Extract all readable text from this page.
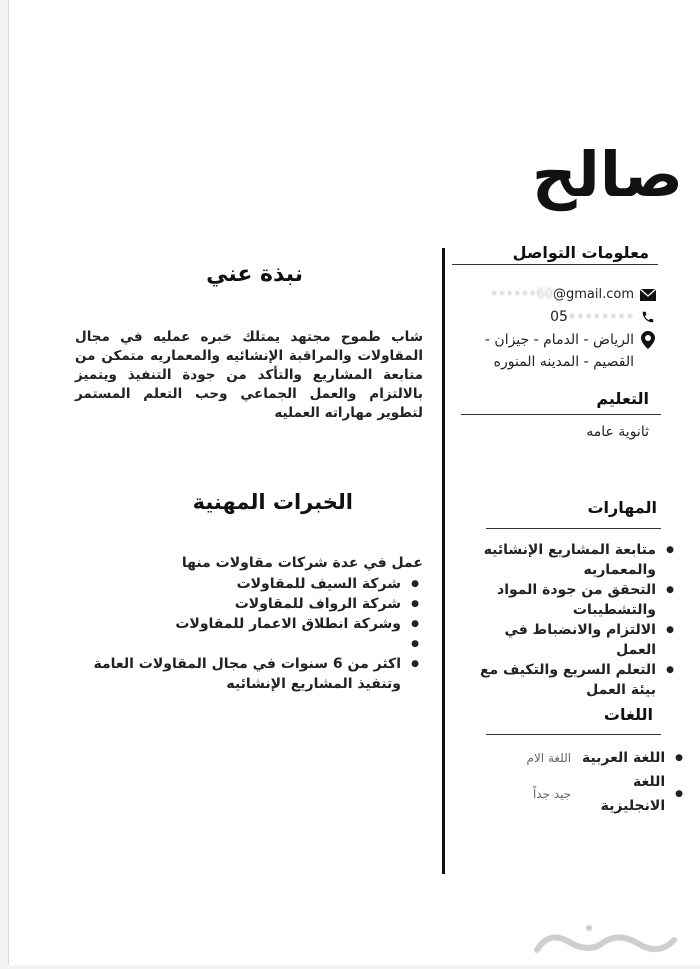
صالح
معلومات التواصل
••••••60@gmail.com
05••••••••
الرياض - الدمام - جيزان - القصيم - المدينه المنوره
التعليم
ثانوية عامه
المهارات
● متابعة المشاريع الإنشائيه والمعماريه
● التحقق من جودة المواد والتشطيبات
● الالتزام والانضباط في العمل
● التعلم السريع والتكيف مع بيئة العمل
اللغات
●
اللغة العربية
اللغة الام
●
اللغة الانجليزية
جيد جداً
نبذة عني
شاب طموح مجتهد يمتلك خبره عمليه في مجال المقاولات والمراقبة الإنشائيه والمعماريه متمكن من متابعة المشاريع والتأكد من جودة التنفيذ ويتميز بالالتزام والعمل الجماعي وحب التعلم المستمر لتطوير مهاراته العمليه
الخبرات المهنية
عمل في عدة شركات مقاولات منها
● شركة السيف للمقاولات
● شركة الرواف للمقاولات
● وشركة انطلاق الاعمار للمقاولات
●
● اكثر من 6 سنوات في مجال المقاولات العامة وتنفيذ المشاريع الإنشائيه
